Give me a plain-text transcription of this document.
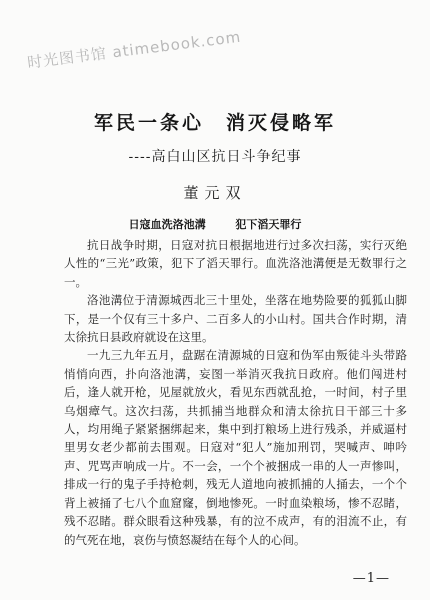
时光图书馆 atimebook.com
军民一条心　消灭侵略军
----高白山区抗日斗争纪事
董元双
日寇血洗洛池溝	犯下滔天罪行

抗日战争时期，日寇对抗日根据地进行过多次扫荡，实行灭绝人性的“三光”政策，犯下了滔天罪行。血洗洛池溝便是无数罪行之一。

洛池溝位于清源城西北三十里处，坐落在地势险要的狐狐山脚下，是一个仅有三十多户、二百多人的小山村。国共合作时期，清太徐抗日县政府就设在这里。

一九三九年五月，盘踞在清源城的日寇和伪军由叛徒斗头带路悄悄向西，扑向洛池溝，妄图一举消灭我抗日政府。他们闯进村后，逢人就开枪，见屋就放火，看见东西就乱抢，一时间，村子里乌烟瘴气。这次扫荡，共抓捕当地群众和清太徐抗日干部三十多人，均用绳子紧紧捆绑起来，集中到打粮场上进行残杀，并威逼村里男女老少都前去围观。日寇对“犯人”施加刑罚，哭喊声、呻吟声、咒骂声响成一片。不一会，一个个被捆成一串的人一声惨叫，排成一行的鬼子手持枪刺，残无人道地向被抓捕的人捅去，一个个背上被捅了七八个血窟窿，倒地惨死。一时血染粮场，惨不忍睹，残不忍睹。群众眼看这种残暴，有的泣不成声，有的泪流不止，有的气死在地，哀伤与愤怒凝结在每个人的心间。

—1—
